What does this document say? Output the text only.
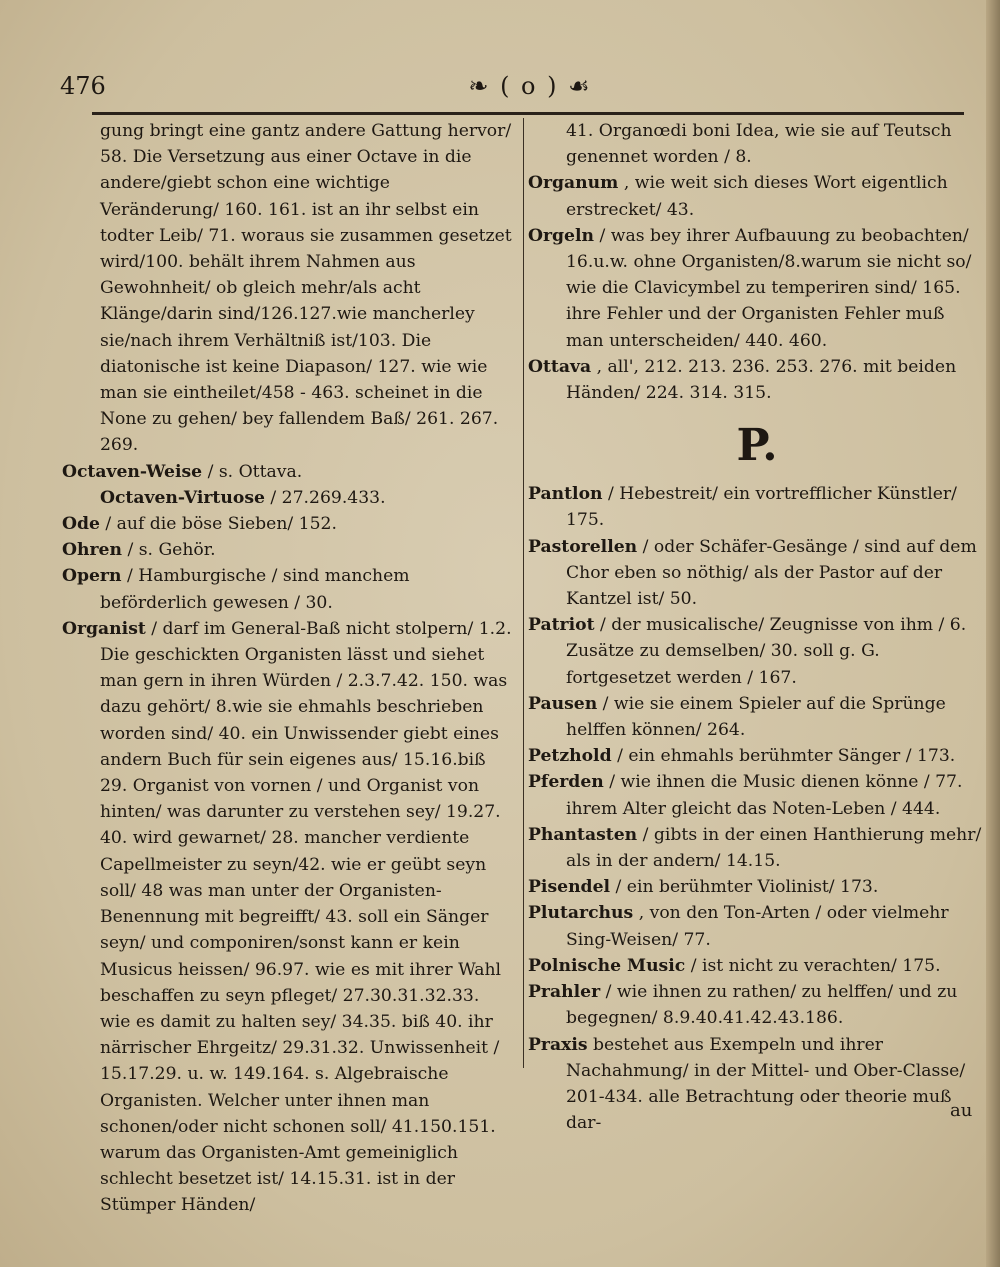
476	❧ ( o ) ☙

gung bringt eine gantz andere Gattung hervor/ 58. Die Versetzung aus einer Octave in die andere/giebt schon eine wichtige Veränderung/ 160. 161. ist an ihr selbst ein todter Leib/ 71. woraus sie zusammen gesetzet wird/100. behält ihrem Nahmen aus Gewohnheit/ ob gleich mehr/als acht Klänge/darin sind/126.127.wie mancherley sie/nach ihrem Verhältniß ist/103. Die diatonische ist keine Diapason/ 127. wie wie man sie eintheilet/458 - 463. scheinet in die None zu gehen/ bey fallendem Baß/ 261. 267. 269.

Octaven-Weise / s. Ottava.

Octaven-Virtuose / 27.269.433.

Ode / auf die böse Sieben/ 152.

Ohren / s. Gehör.

Opern / Hamburgische / sind manchem beförderlich gewesen / 30.

Organist / darf im General-Baß nicht stolpern/ 1.2. Die geschickten Organisten lässt und siehet man gern in ihren Würden / 2.3.7.42. 150. was dazu gehört/ 8.wie sie ehmahls beschrieben worden sind/ 40. ein Unwissender giebt eines andern Buch für sein eigenes aus/ 15.16.biß 29. Organist von vornen / und Organist von hinten/ was darunter zu verstehen sey/ 19.27. 40. wird gewarnet/ 28. mancher verdiente Capellmeister zu seyn/42. wie er geübt seyn soll/ 48 was man unter der Organisten-Benennung mit begreifft/ 43. soll ein Sänger seyn/ und componiren/sonst kann er kein Musicus heissen/ 96.97. wie es mit ihrer Wahl beschaffen zu seyn pfleget/ 27.30.31.32.33. wie es damit zu halten sey/ 34.35. biß 40. ihr närrischer Ehrgeitz/ 29.31.32. Unwissenheit / 15.17.29. u. w. 149.164. s. Algebraische Organisten. Welcher unter ihnen man schonen/oder nicht schonen soll/ 41.150.151. warum das Organisten-Amt gemeiniglich schlecht besetzet ist/ 14.15.31. ist in der Stümper Händen/

41. Organœdi boni Idea, wie sie auf Teutsch genennet worden / 8.

Organum , wie weit sich dieses Wort eigentlich erstrecket/ 43.

Orgeln / was bey ihrer Aufbauung zu beobachten/ 16.u.w. ohne Organisten/8.warum sie nicht so/ wie die Clavicymbel zu temperiren sind/ 165. ihre Fehler und der Organisten Fehler muß man unterscheiden/ 440. 460.

Ottava , all', 212. 213. 236. 253. 276. mit beiden Händen/ 224. 314. 315.

P.

Pantlon / Hebestreit/ ein vortrefflicher Künstler/ 175.

Pastorellen / oder Schäfer-Gesänge / sind auf dem Chor eben so nöthig/ als der Pastor auf der Kantzel ist/ 50.

Patriot / der musicalische/ Zeugnisse von ihm / 6. Zusätze zu demselben/ 30. soll g. G. fortgesetzet werden / 167.

Pausen / wie sie einem Spieler auf die Sprünge helffen können/ 264.

Petzhold / ein ehmahls berühmter Sänger / 173.

Pferden / wie ihnen die Music dienen könne / 77. ihrem Alter gleicht das Noten-Leben / 444.

Phantasten / gibts in der einen Hanthierung mehr/ als in der andern/ 14.15.

Pisendel / ein berühmter Violinist/ 173.

Plutarchus , von den Ton-Arten / oder vielmehr Sing-Weisen/ 77.

Polnische Music / ist nicht zu verachten/ 175.

Prahler / wie ihnen zu rathen/ zu helffen/ und zu begegnen/ 8.9.40.41.42.43.186.

Praxis bestehet aus Exempeln und ihrer Nachahmung/ in der Mittel- und Ober-Classe/ 201-434. alle Betrachtung oder theorie muß dar-

au
